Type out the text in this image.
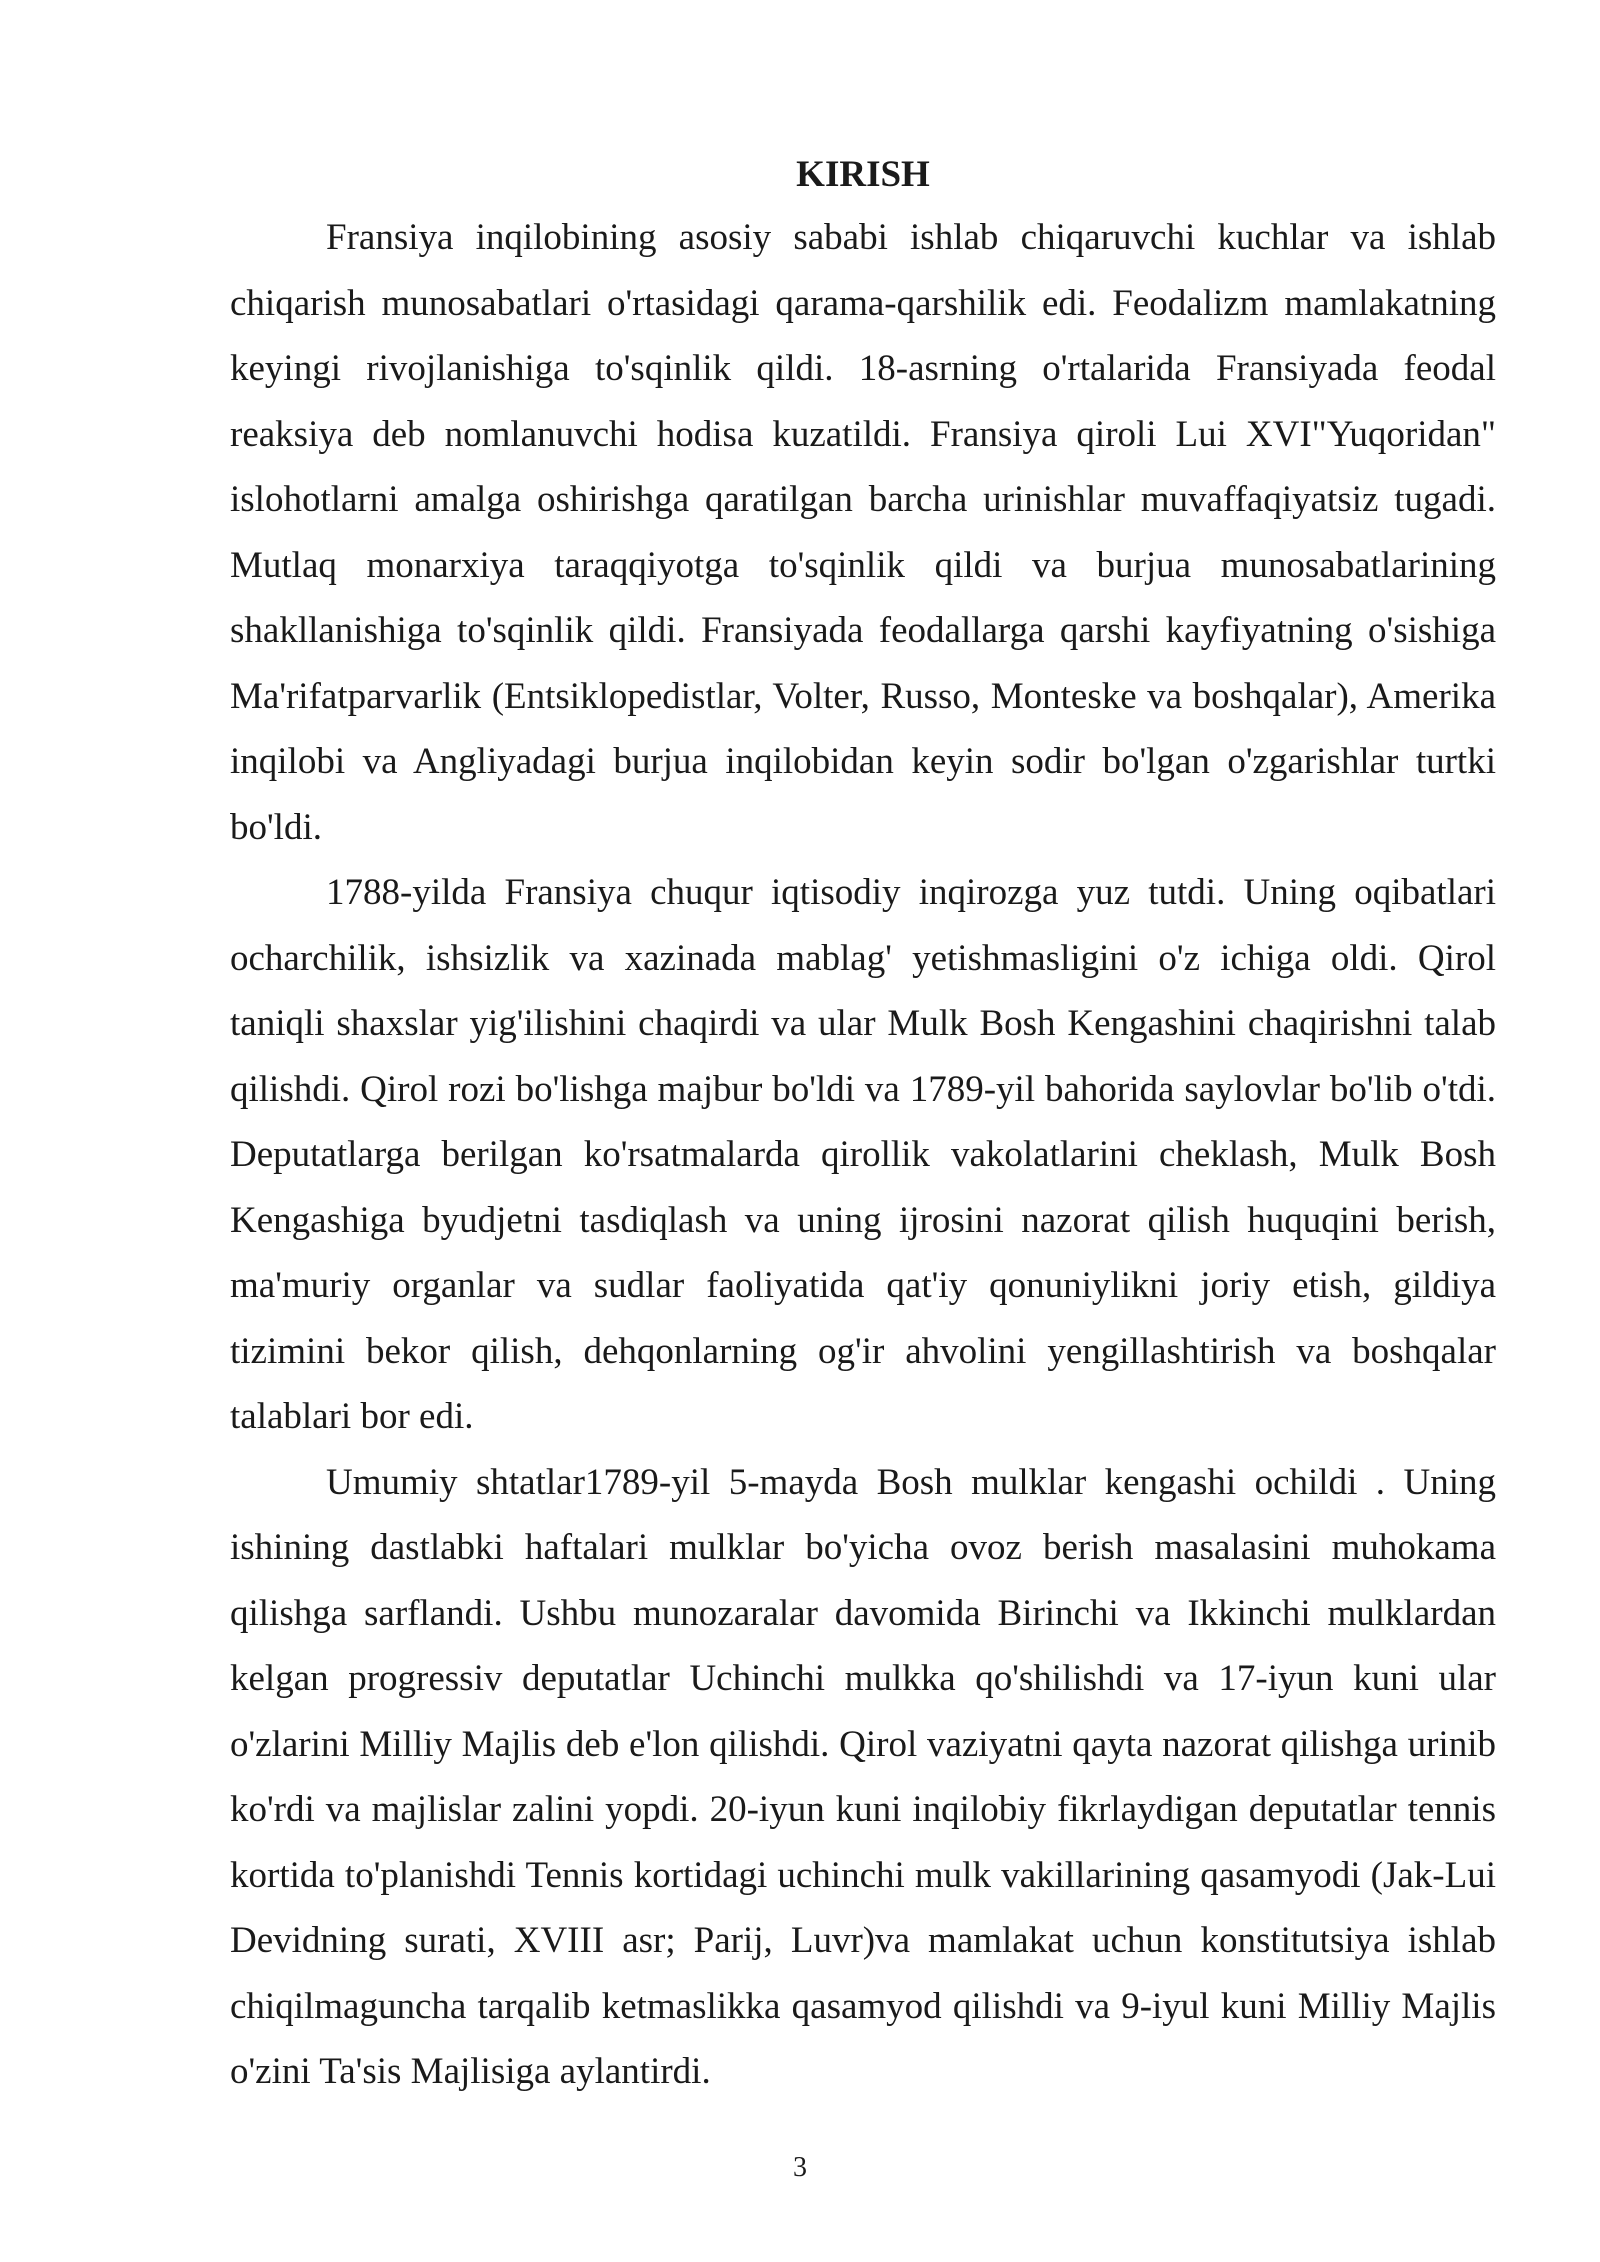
KIRISH

Fransiya inqilobining asosiy sababi ishlab chiqaruvchi kuchlar va ishlab chiqarish munosabatlari o'rtasidagi qarama-qarshilik edi. Feodalizm mamlakatning keyingi rivojlanishiga to'sqinlik qildi. 18-asrning o'rtalarida Fransiyada feodal reaksiya deb nomlanuvchi hodisa kuzatildi. Fransiya qiroli Lui XVI"Yuqoridan" islohotlarni amalga oshirishga qaratilgan barcha urinishlar muvaffaqiyatsiz tugadi. Mutlaq monarxiya taraqqiyotga to'sqinlik qildi va burjua munosabatlarining shakllanishiga to'sqinlik qildi. Fransiyada feodallarga qarshi kayfiyatning o'sishiga Ma'rifatparvarlik (Entsiklopedistlar, Volter, Russo, Monteske va boshqalar), Amerika inqilobi va Angliyadagi burjua inqilobidan keyin sodir bo'lgan o'zgarishlar turtki bo'ldi.

1788-yilda Fransiya chuqur iqtisodiy inqirozga yuz tutdi. Uning oqibatlari ocharchilik, ishsizlik va xazinada mablag' yetishmasligini o'z ichiga oldi. Qirol taniqli shaxslar yig'ilishini chaqirdi va ular Mulk Bosh Kengashini chaqirishni talab qilishdi. Qirol rozi bo'lishga majbur bo'ldi va 1789-yil bahorida saylovlar bo'lib o'tdi. Deputatlarga berilgan ko'rsatmalarda qirollik vakolatlarini cheklash, Mulk Bosh Kengashiga byudjetni tasdiqlash va uning ijrosini nazorat qilish huquqini berish, ma'muriy organlar va sudlar faoliyatida qat'iy qonuniylikni joriy etish, gildiya tizimini bekor qilish, dehqonlarning og'ir ahvolini yengillashtirish va boshqalar talablari bor edi.

Umumiy shtatlar1789-yil 5-mayda Bosh mulklar kengashi ochildi . Uning ishining dastlabki haftalari mulklar bo'yicha ovoz berish masalasini muhokama qilishga sarflandi. Ushbu munozaralar davomida Birinchi va Ikkinchi mulklardan kelgan progressiv deputatlar Uchinchi mulkka qo'shilishdi va 17-iyun kuni ular o'zlarini Milliy Majlis deb e'lon qilishdi. Qirol vaziyatni qayta nazorat qilishga urinib ko'rdi va majlislar zalini yopdi. 20-iyun kuni inqilobiy fikrlaydigan deputatlar tennis kortida to'planishdi Tennis kortidagi uchinchi mulk vakillarining qasamyodi (Jak-Lui Devidning surati, XVIII asr; Parij, Luvr)va mamlakat uchun konstitutsiya ishlab chiqilmaguncha tarqalib ketmaslikka qasamyod qilishdi va 9-iyul kuni Milliy Majlis o'zini Ta'sis Majlisiga aylantirdi.

3
